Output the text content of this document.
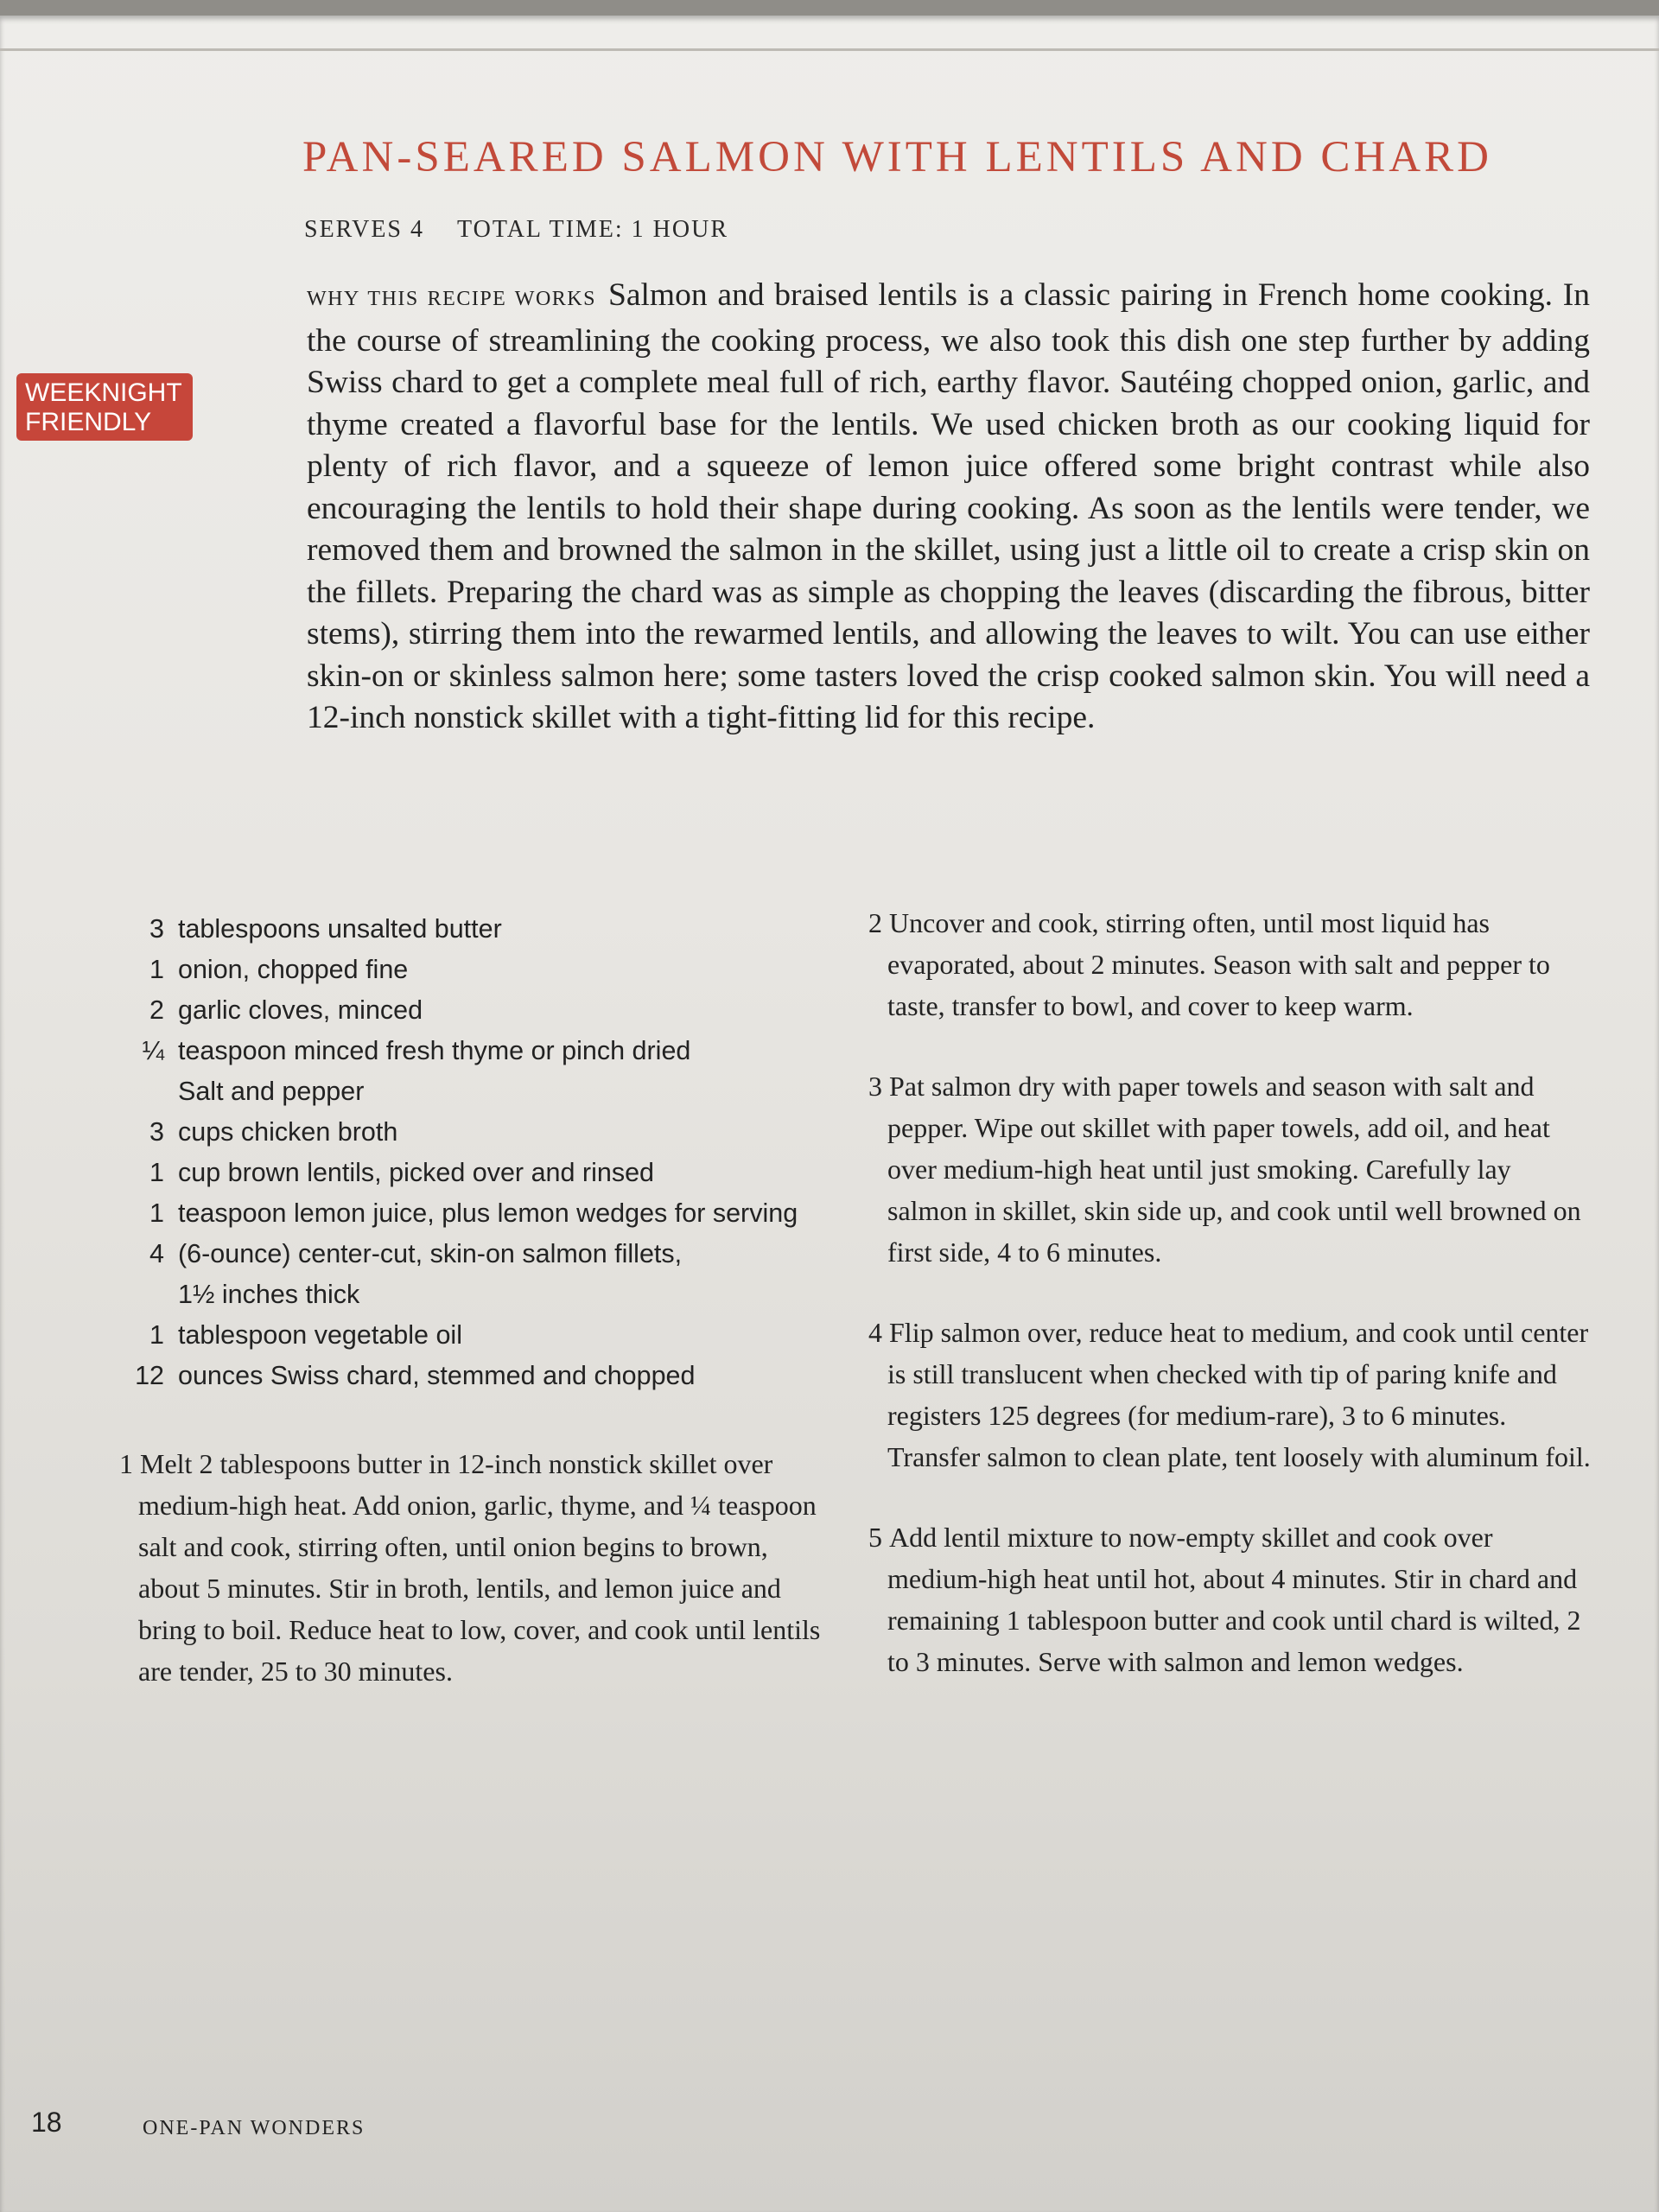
PAN-SEARED SALMON WITH LENTILS AND CHARD
SERVES 4 TOTAL TIME: 1 HOUR
WEEKNIGHT
FRIENDLY
WHY THIS RECIPE WORKS Salmon and braised lentils is a classic pairing in French home cooking. In the course of streamlining the cooking process, we also took this dish one step further by adding Swiss chard to get a complete meal full of rich, earthy flavor. Sautéing chopped onion, garlic, and thyme created a flavorful base for the lentils. We used chicken broth as our cooking liquid for plenty of rich flavor, and a squeeze of lemon juice offered some bright contrast while also encouraging the lentils to hold their shape during cooking. As soon as the lentils were tender, we removed them and browned the salmon in the skillet, using just a little oil to create a crisp skin on the fillets. Preparing the chard was as simple as chopping the leaves (discarding the fibrous, bitter stems), stirring them into the rewarmed lentils, and allowing the leaves to wilt. You can use either skin-on or skinless salmon here; some tasters loved the crisp cooked salmon skin. You will need a 12-inch nonstick skillet with a tight-fitting lid for this recipe.
3 tablespoons unsalted butter
1 onion, chopped fine
2 garlic cloves, minced
¼ teaspoon minced fresh thyme or pinch dried
Salt and pepper
3 cups chicken broth
1 cup brown lentils, picked over and rinsed
1 teaspoon lemon juice, plus lemon wedges for serving
4 (6-ounce) center-cut, skin-on salmon fillets,
1½ inches thick
1 tablespoon vegetable oil
12 ounces Swiss chard, stemmed and chopped
1 Melt 2 tablespoons butter in 12-inch nonstick skillet over medium-high heat. Add onion, garlic, thyme, and ¼ teaspoon salt and cook, stirring often, until onion begins to brown, about 5 minutes. Stir in broth, lentils, and lemon juice and bring to boil. Reduce heat to low, cover, and cook until lentils are tender, 25 to 30 minutes.
2 Uncover and cook, stirring often, until most liquid has evaporated, about 2 minutes. Season with salt and pepper to taste, transfer to bowl, and cover to keep warm.
3 Pat salmon dry with paper towels and season with salt and pepper. Wipe out skillet with paper towels, add oil, and heat over medium-high heat until just smoking. Carefully lay salmon in skillet, skin side up, and cook until well browned on first side, 4 to 6 minutes.
4 Flip salmon over, reduce heat to medium, and cook until center is still translucent when checked with tip of paring knife and registers 125 degrees (for medium-rare), 3 to 6 minutes. Transfer salmon to clean plate, tent loosely with aluminum foil.
5 Add lentil mixture to now-empty skillet and cook over medium-high heat until hot, about 4 minutes. Stir in chard and remaining 1 tablespoon butter and cook until chard is wilted, 2 to 3 minutes. Serve with salmon and lemon wedges.
18	ONE-PAN WONDERS
